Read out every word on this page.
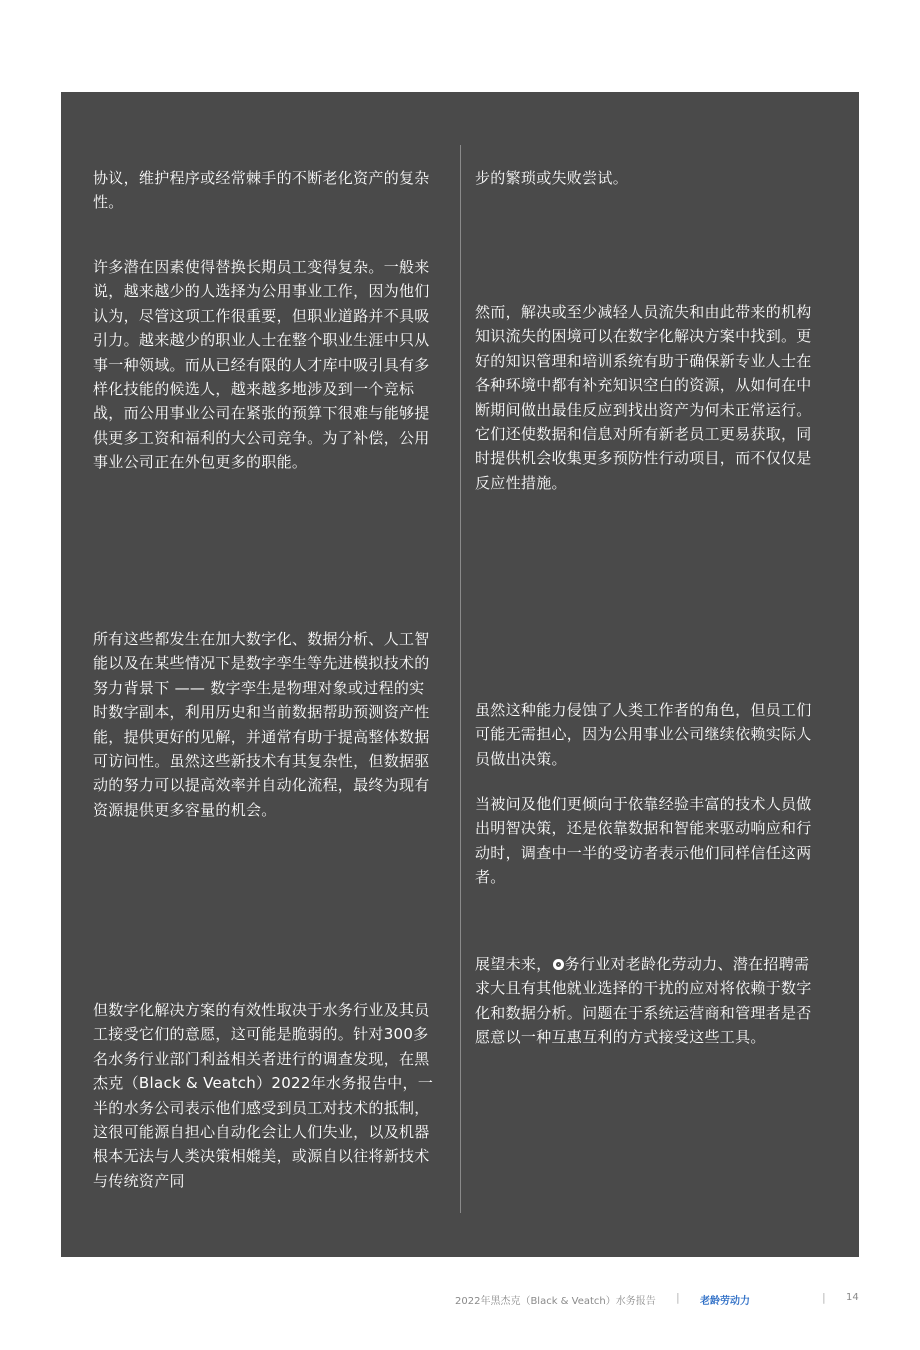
协议，维护程序或经常棘手的不断老化资产的复杂性。

许多潜在因素使得替换长期员工变得复杂。一般来说，越来越少的人选择为公用事业工作，因为他们认为，尽管这项工作很重要，但职业道路并不具吸引力。越来越少的职业人士在整个职业生涯中只从事一种领域。而从已经有限的人才库中吸引具有多样化技能的候选人，越来越多地涉及到一个竞标战，而公用事业公司在紧张的预算下很难与能够提供更多工资和福利的大公司竞争。为了补偿，公用事业公司正在外包更多的职能。

所有这些都发生在加大数字化、数据分析、人工智能以及在某些情况下是数字孪生等先进模拟技术的努力背景下 —— 数字孪生是物理对象或过程的实时数字副本，利用历史和当前数据帮助预测资产性能，提供更好的见解，并通常有助于提高整体数据可访问性。虽然这些新技术有其复杂性，但数据驱动的努力可以提高效率并自动化流程，最终为现有资源提供更多容量的机会。

但数字化解决方案的有效性取决于水务行业及其员工接受它们的意愿，这可能是脆弱的。针对300多名水务行业部门利益相关者进行的调查发现，在黑杰克（Black & Veatch）2022年水务报告中，一半的水务公司表示他们感受到员工对技术的抵制，这很可能源自担心自动化会让人们失业，以及机器根本无法与人类决策相媲美，或源自以往将新技术与传统资产同

步的繁琐或失败尝试。

然而，解决或至少减轻人员流失和由此带来的机构知识流失的困境可以在数字化解决方案中找到。更好的知识管理和培训系统有助于确保新专业人士在各种环境中都有补充知识空白的资源，从如何在中断期间做出最佳反应到找出资产为何未正常运行。它们还使数据和信息对所有新老员工更易获取，同时提供机会收集更多预防性行动项目，而不仅仅是反应性措施。

虽然这种能力侵蚀了人类工作者的角色，但员工们可能无需担心，因为公用事业公司继续依赖实际人员做出决策。

当被问及他们更倾向于依靠经验丰富的技术人员做出明智决策，还是依靠数据和智能来驱动响应和行动时，调查中一半的受访者表示他们同样信任这两者。

展望未来， 务行业对老龄化劳动力、潜在招聘需求大且有其他就业选择的干扰的应对将依赖于数字化和数据分析。问题在于系统运营商和管理者是否愿意以一种互惠互利的方式接受这些工具。

2022年黑杰克（Black & Veatch）水务报告 | 老龄劳动力	| 14
